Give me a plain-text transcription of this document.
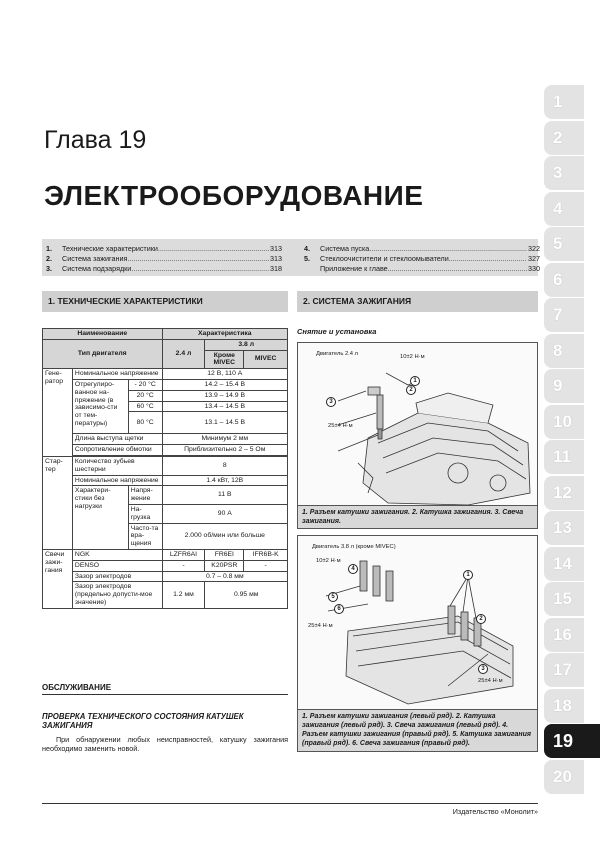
Глава 19
ЭЛЕКТРООБОРУДОВАНИЕ
1.	Технические характеристики .....	313
2.	Система зажигания .....	313
3.	Система подзарядки .....	318
4.	Система пуска .....	322
5.	Стеклоочистители и стеклоомыватели .....	327
Приложение к главе .....	330
1. ТЕХНИЧЕСКИЕ ХАРАКТЕРИСТИКИ	2. СИСТЕМА ЗАЖИГАНИЯ
Наименование			Характеристика		
Тип двигателя			2.4 л	3.8 л	
				Кроме MIVEC	MIVEC
Гене-ратор	Номинальное напряжение		12 В, 110 А		
	Отрегулиро-ванное на-пряжение (в зависимо-сти от тем-пературы)	- 20 °C	14.2 – 15.4 В		
		20 °C	13.9 – 14.9 В		
		60 °C	13.4 – 14.5 В		
		80 °C	13.1 – 14.5 В		
	Длина выступа щетки		Минимум 2 мм		
	Сопротивление обмотки		Приблизительно 2 – 5 Ом		

Стар-тер	Количество зубьев шестерни		8		
	Номинальное напряжение		1.4 кВт, 12В		
	Характери-стики без нагрузки	Напря-жение	11 В		
		На-грузка	90 А		
		Часто-та вра-щения	2.000 об/мин или больше		
Свечи зажи-гания	NGK		LZFR6AI	FR6EI	IFR6B-K
	DENSO		-	K20PSR	-
	Зазор электродов		0.7 – 0.8 мм		
	Зазор электродов (предельно допусти-мое значение)		1.2 мм	0.95 мм	
ОБСЛУЖИВАНИЕ
ПРОВЕРКА ТЕХНИЧЕСКОГО СОСТОЯНИЯ КАТУШЕК ЗАЖИГАНИЯ
При обнаружении любых неисправностей, катушку зажигания необходимо заменить новой.
Снятие и установка
Двигатель 2.4 л	10±2 Н·м
25±4 Н·м
1
2
3
1. Разъем катушки зажигания. 2. Катушка зажигания. 3. Свеча зажигания.
Двигатель 3.8 л (кроме MIVEC)
10±2 Н·м
25±4 Н·м
25±4 Н·м
4
5
6
1
2
3
1. Разъем катушки зажигания (левый ряд). 2. Катушка зажигания (левый ряд). 3. Свеча зажигания (левый ряд). 4. Разъем катушки зажигания (правый ряд). 5. Катушка зажигания (правый ряд). 6. Свеча зажигания (правый ряд).
Издательство «Монолит»
1
2
3
4
5
6
7
8
9
10
11
12
13
14
15
16
17
18
19
20
